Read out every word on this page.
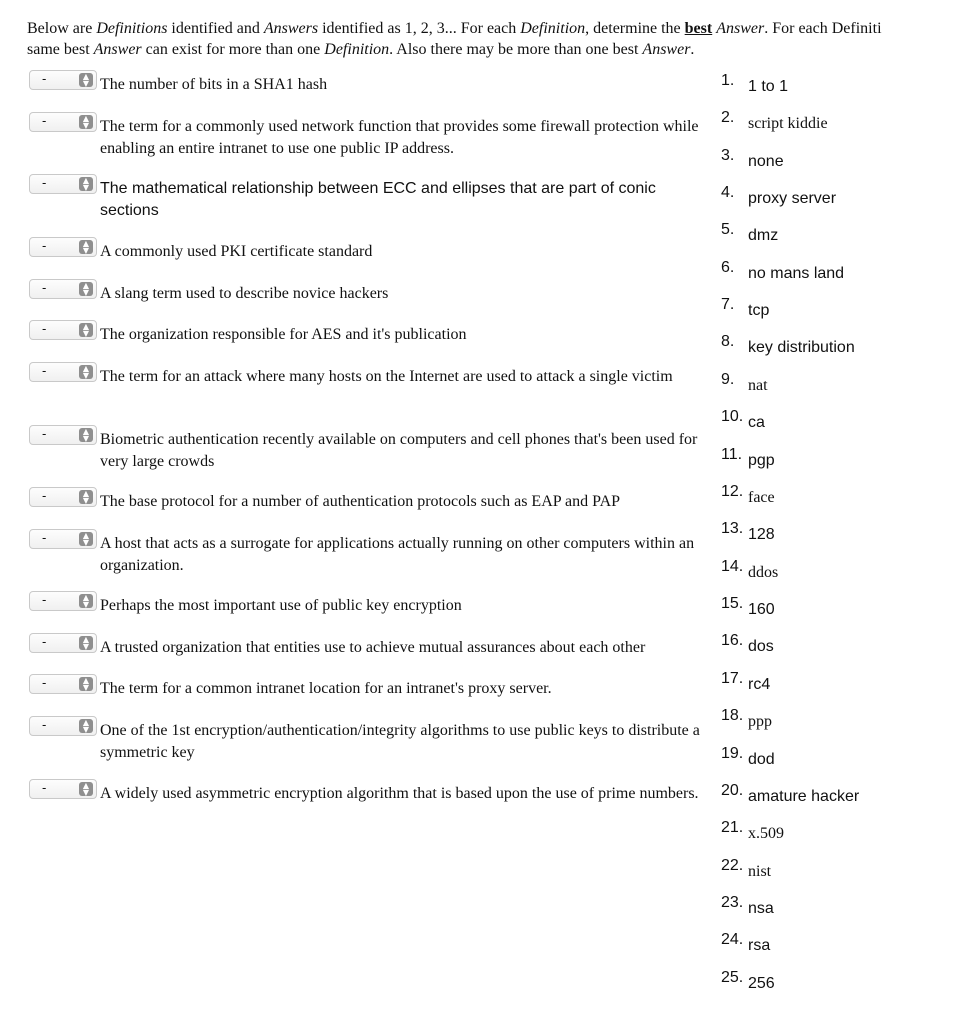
Below are Definitions identified and Answers identified as 1, 2, 3... For each Definition, determine the best Answer. For each Definiti
same best Answer can exist for more than one Definition. Also there may be more than one best Answer.
-	▲
▼ The number of bits in a SHA1 hash
-	▲
▼ The term for a commonly used network function that provides some firewall protection while enabling an entire intranet to use one public IP address.
-	▲
▼ The mathematical relationship between ECC and ellipses that are part of conic sections
-	▲
▼ A commonly used PKI certificate standard
-	▲
▼ A slang term used to describe novice hackers
-	▲
▼ The organization responsible for AES and it's publication
-	▲
▼ The term for an attack where many hosts on the Internet are used to attack a single victim
-	▲
▼ Biometric authentication recently available on computers and cell phones that's been used for very large crowds
-	▲
▼ The base protocol for a number of authentication protocols such as EAP and PAP
-	▲
▼ A host that acts as a surrogate for applications actually running on other computers within an organization.
-	▲
▼ Perhaps the most important use of public key encryption
-	▲
▼ A trusted organization that entities use to achieve mutual assurances about each other
-	▲
▼ The term for a common intranet location for an intranet's proxy server.
-	▲
▼ One of the 1st encryption/authentication/integrity algorithms to use public keys to distribute a symmetric key
-	▲
▼ A widely used asymmetric encryption algorithm that is based upon the use of prime numbers.
1. 1 to 1
2. script kiddie
3. none
4. proxy server
5. dmz
6. no mans land
7. tcp
8. key distribution
9. nat
10. ca
11. pgp
12. face
13. 128
14. ddos
15. 160
16. dos
17. rc4
18. ppp
19. dod
20. amature hacker
21. x.509
22. nist
23. nsa
24. rsa
25. 256
